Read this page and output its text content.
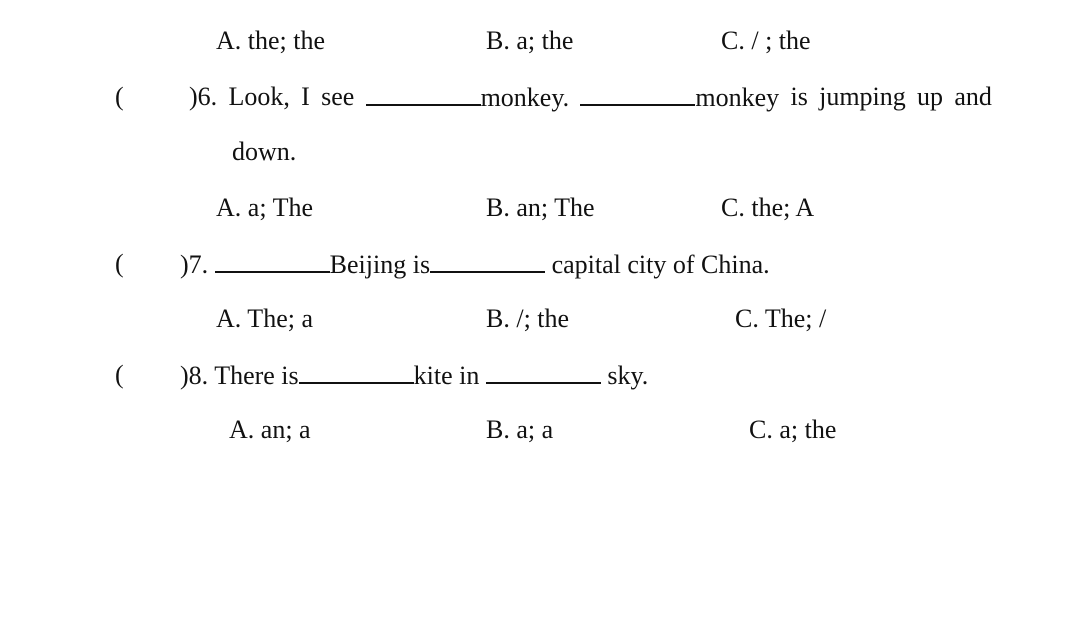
A. the; the	B. a; the	C. / ; the
(	)6. Look, I see	monkey.	monkey is jumping up and
down.
A. a; The	B. an; The	C. the; A
( )7.	Beijing is	capital city of China.
A. The; a	B. /; the	C. The; /
( )8. There is	kite in	sky.
A. an; a	B. a; a	C. a; the
